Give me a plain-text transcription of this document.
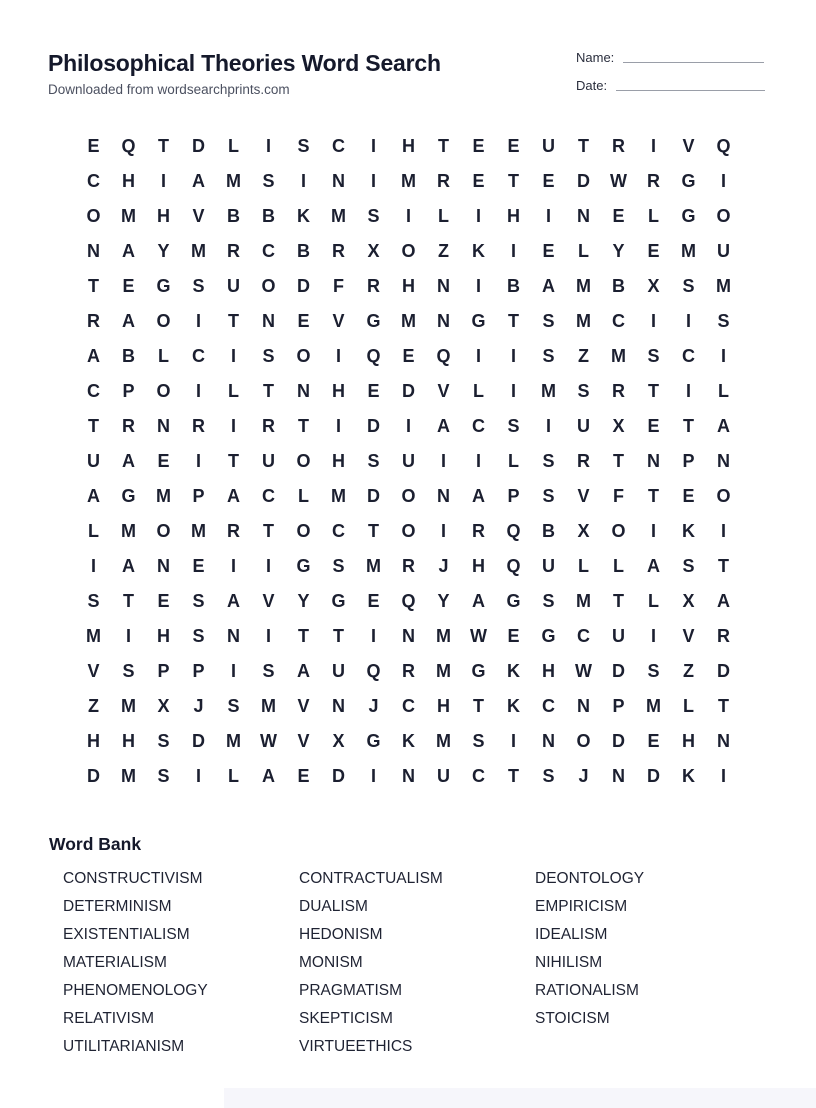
Philosophical Theories Word Search
Downloaded from wordsearchprints.com
Name:
Date:
E	Q	T	D	L	I	S	C	I	H	T	E	E	U	T	R	I	V	Q
C	H	I	A	M	S	I	N	I	M	R	E	T	E	D	W	R	G	I
O	M	H	V	B	B	K	M	S	I	L	I	H	I	N	E	L	G	O
N	A	Y	M	R	C	B	R	X	O	Z	K	I	E	L	Y	E	M	U
T	E	G	S	U	O	D	F	R	H	N	I	B	A	M	B	X	S	M
R	A	O	I	T	N	E	V	G	M	N	G	T	S	M	C	I	I	S
A	B	L	C	I	S	O	I	Q	E	Q	I	I	S	Z	M	S	C	I
C	P	O	I	L	T	N	H	E	D	V	L	I	M	S	R	T	I	L
T	R	N	R	I	R	T	I	D	I	A	C	S	I	U	X	E	T	A
U	A	E	I	T	U	O	H	S	U	I	I	L	S	R	T	N	P	N
A	G	M	P	A	C	L	M	D	O	N	A	P	S	V	F	T	E	O
L	M	O	M	R	T	O	C	T	O	I	R	Q	B	X	O	I	K	I
I	A	N	E	I	I	G	S	M	R	J	H	Q	U	L	L	A	S	T
S	T	E	S	A	V	Y	G	E	Q	Y	A	G	S	M	T	L	X	A
M	I	H	S	N	I	T	T	I	N	M	W	E	G	C	U	I	V	R
V	S	P	P	I	S	A	U	Q	R	M	G	K	H	W	D	S	Z	D
Z	M	X	J	S	M	V	N	J	C	H	T	K	C	N	P	M	L	T
H	H	S	D	M	W	V	X	G	K	M	S	I	N	O	D	E	H	N
D	M	S	I	L	A	E	D	I	N	U	C	T	S	J	N	D	K	I
Word Bank
CONSTRUCTIVISM	CONTRACTUALISM	DEONTOLOGY
DETERMINISM	DUALISM	EMPIRICISM
EXISTENTIALISM	HEDONISM	IDEALISM
MATERIALISM	MONISM	NIHILISM
PHENOMENOLOGY	PRAGMATISM	RATIONALISM
RELATIVISM	SKEPTICISM	STOICISM
UTILITARIANISM	VIRTUEETHICS
